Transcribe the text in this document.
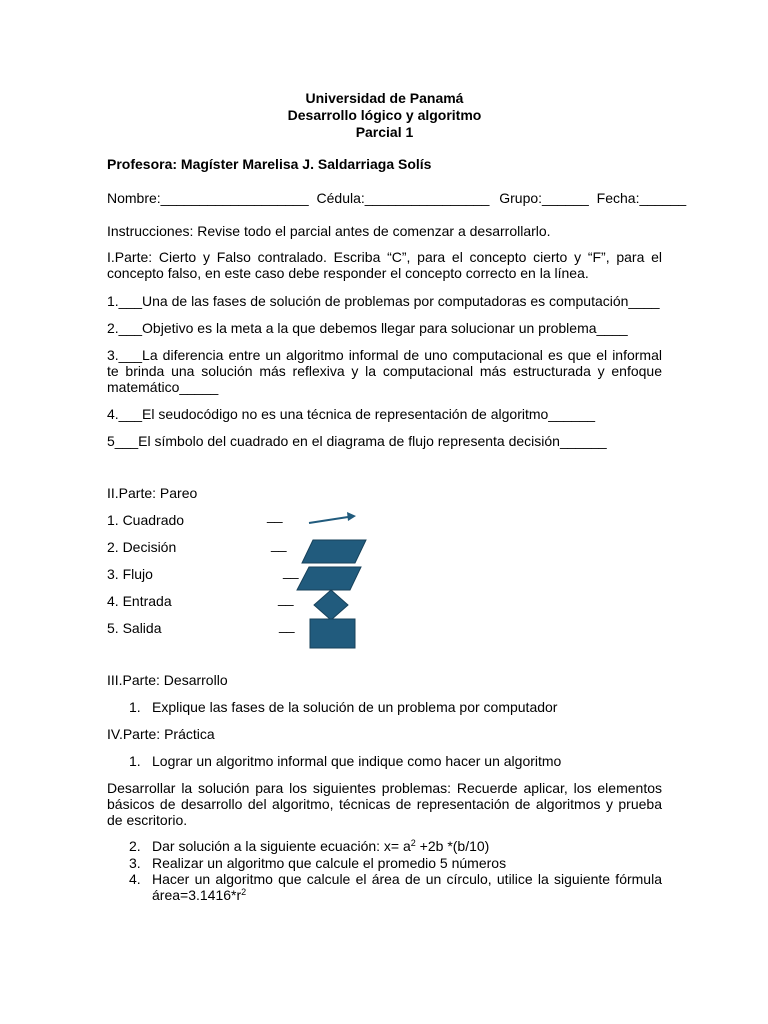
Universidad de Panamá
Desarrollo lógico y algoritmo
Parcial 1
Profesora: Magíster Marelisa J. Saldarriaga Solís
Nombre:___________________ Cédula:________________ Grupo:______ Fecha:______
Instrucciones: Revise todo el parcial antes de comenzar a desarrollarlo.
I.Parte: Cierto y Falso contralado. Escriba “C”, para el concepto cierto y “F”, para el concepto falso, en este caso debe responder el concepto correcto en la línea.
1.___Una de las fases de solución de problemas por computadoras es computación____
2.___Objetivo es la meta a la que debemos llegar para solucionar un problema____
3.___La diferencia entre un algoritmo informal de uno computacional es que el informal te brinda una solución más reflexiva y la computacional más estructurada y enfoque matemático_____
4.___El seudocódigo no es una técnica de representación de algoritmo______
5___El símbolo del cuadrado en el diagrama de flujo representa decisión______
II.Parte: Pareo
1. Cuadrado
2. Decisión
3. Flujo
4. Entrada
5. Salida
__
__
__
__
__
III.Parte: Desarrollo
1. Explique las fases de la solución de un problema por computador
IV.Parte: Práctica
1. Lograr un algoritmo informal que indique como hacer un algoritmo
Desarrollar la solución para los siguientes problemas: Recuerde aplicar, los elementos básicos de desarrollo del algoritmo, técnicas de representación de algoritmos y prueba de escritorio.
2. Dar solución a la siguiente ecuación: $x= a^2 +2b$ *(b/10)
3. Realizar un algoritmo que calcule el promedio 5 números
4. Hacer un algoritmo que calcule el área de un círculo, utilice la siguiente fórmula $área=3.1416*r^2$
